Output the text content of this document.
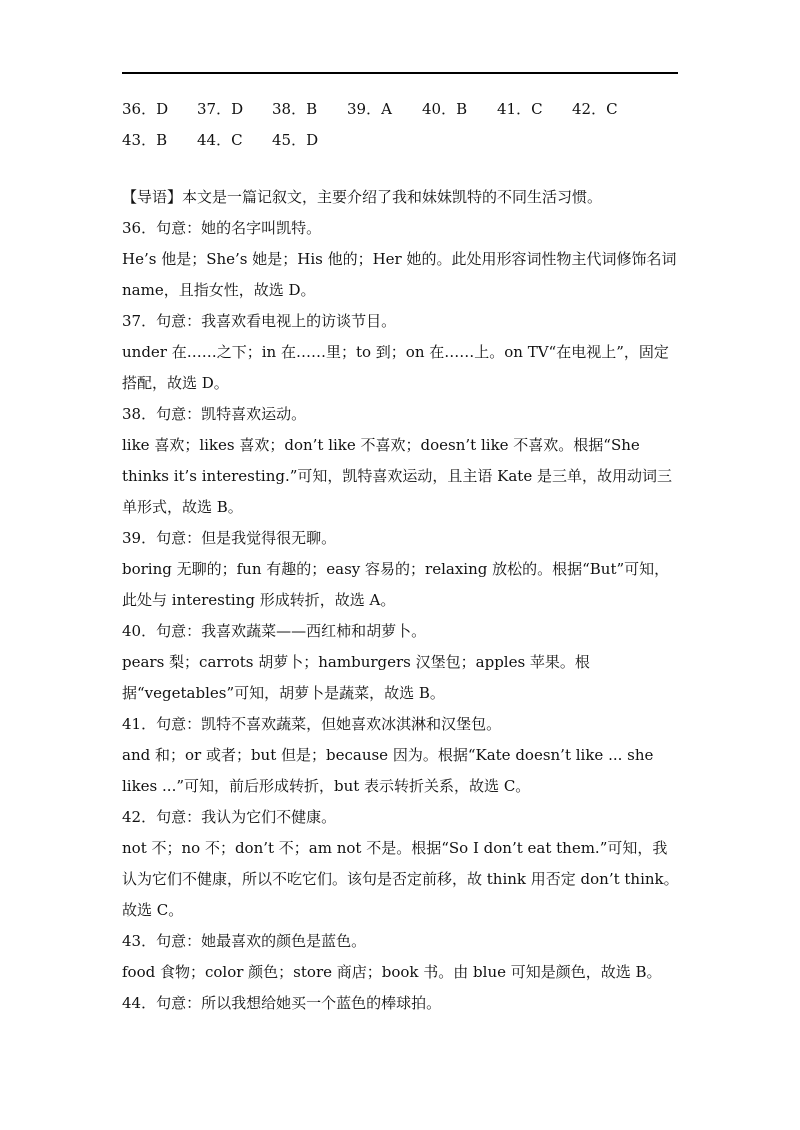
36．D	37．D	38．B	39．A	40．B	41．C	42．C
43．B	44．C	45．D

【导语】本文是一篇记叙文，主要介绍了我和妹妹凯特的不同生活习惯。

36．句意：她的名字叫凯特。

He’s 他是；She’s 她是；His 他的；Her 她的。此处用形容词性物主代词修饰名词 name，且指女性，故选 D。

37．句意：我喜欢看电视上的访谈节目。

under 在……之下；in 在……里；to 到；on 在……上。on TV“在电视上”，固定搭配，故选 D。

38．句意：凯特喜欢运动。

like 喜欢；likes 喜欢；don’t like 不喜欢；doesn’t like 不喜欢。根据“She thinks it’s interesting.”可知，凯特喜欢运动，且主语 Kate 是三单，故用动词三单形式，故选 B。

39．句意：但是我觉得很无聊。

boring 无聊的；fun 有趣的；easy 容易的；relaxing 放松的。根据“But”可知，此处与 interesting 形成转折，故选 A。

40．句意：我喜欢蔬菜——西红柿和胡萝卜。

pears 梨；carrots 胡萝卜；hamburgers 汉堡包；apples 苹果。根据“vegetables”可知，胡萝卜是蔬菜，故选 B。

41．句意：凯特不喜欢蔬菜，但她喜欢冰淇淋和汉堡包。

and 和；or 或者；but 但是；because 因为。根据“Kate doesn’t like ... she likes ...”可知，前后形成转折，but 表示转折关系，故选 C。

42．句意：我认为它们不健康。

not 不；no 不；don’t 不；am not 不是。根据“So I don’t eat them.”可知，我认为它们不健康，所以不吃它们。该句是否定前移，故 think 用否定 don’t think。故选 C。

43．句意：她最喜欢的颜色是蓝色。

food 食物；color 颜色；store 商店；book 书。由 blue 可知是颜色，故选 B。

44．句意：所以我想给她买一个蓝色的棒球拍。
